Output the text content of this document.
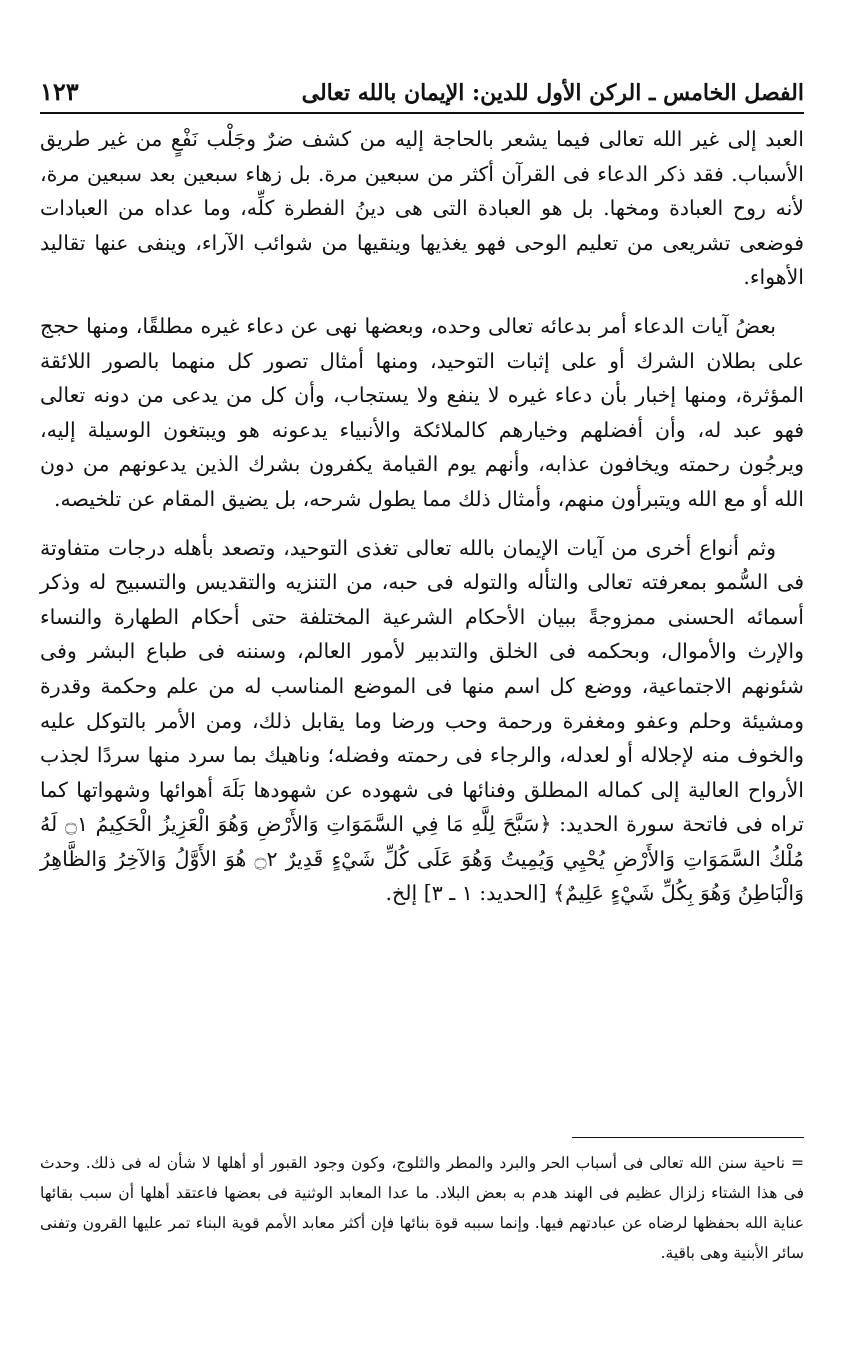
الفصل الخامس ـ الركن الأول للدين: الإيمان بالله تعالى
١٢٣

العبد إلى غير الله تعالى فيما يشعر بالحاجة إليه من كشف ضرٌ وجَلْب نَفْعٍ من غير طريق الأسباب. فقد ذكر الدعاء فى القرآن أكثر من سبعين مرة. بل زهاء سبعين بعد سبعين مرة، لأنه روح العبادة ومخها. بل هو العبادة التى هى دينُ الفطرة كلِّه، وما عداه من العبادات فوضعى تشريعى من تعليم الوحى فهو يغذيها وينقيها من شوائب الآراء، وينفى عنها تقاليد الأهواء.

بعضُ آيات الدعاء أمر بدعائه تعالى وحده، وبعضها نهى عن دعاء غيره مطلقًا، ومنها حجج على بطلان الشرك أو على إثبات التوحيد، ومنها أمثال تصور كل منهما بالصور اللائقة المؤثرة، ومنها إخبار بأن دعاء غيره لا ينفع ولا يستجاب، وأن كل من يدعى من دونه تعالى فهو عبد له، وأن أفضلهم وخيارهم كالملائكة والأنبياء يدعونه هو ويبتغون الوسيلة إليه، ويرجُون رحمته ويخافون عذابه، وأنهم يوم القيامة يكفرون بشرك الذين يدعونهم من دون الله أو مع الله ويتبرأون منهم، وأمثال ذلك مما يطول شرحه، بل يضيق المقام عن تلخيصه.

وثم أنواع أخرى من آيات الإيمان بالله تعالى تغذى التوحيد، وتصعد بأهله درجات متفاوتة فى السُّمو بمعرفته تعالى والتأله والتوله فى حبه، من التنزيه والتقديس والتسبيح له وذكر أسمائه الحسنى ممزوجةً ببيان الأحكام الشرعية المختلفة حتى أحكام الطهارة والنساء والإرث والأموال، وبحكمه فى الخلق والتدبير لأمور العالم، وسننه فى طباع البشر وفى شئونهم الاجتماعية، ووضع كل اسم منها فى الموضع المناسب له من علم وحكمة وقدرة ومشيئة وحلم وعفو ومغفرة ورحمة وحب ورضا وما يقابل ذلك، ومن الأمر بالتوكل عليه والخوف منه لإجلاله أو لعدله، والرجاء فى رحمته وفضله؛ وناهيك بما سرد منها سردًا لجذب الأرواح العالية إلى كماله المطلق وفنائها فى شهوده عن شهودها بَلَهَ أهوائها وشهواتها كما تراه فى فاتحة سورة الحديد: ﴿سَبَّحَ لِلَّهِ مَا فِي السَّمَوَاتِ وَالأَرْضِ وَهُوَ الْعَزِيزُ الْحَكِيمُ ۝١ لَهُ مُلْكُ السَّمَوَاتِ وَالأَرْضِ يُحْيِي وَيُمِيتُ وَهُوَ عَلَى كُلِّ شَيْءٍ قَدِيرٌ ۝٢ هُوَ الأَوَّلُ وَالآخِرُ وَالظَّاهِرُ وَالْبَاطِنُ وَهُوَ بِكُلِّ شَيْءٍ عَلِيمٌ﴾ [الحديد: ١ ـ ٣] إلخ.

= ناحية سنن الله تعالى فى أسباب الحر والبرد والمطر والثلوج، وكون وجود القبور أو أهلها لا شأن له فى ذلك. وحدث فى هذا الشتاء زلزال عظيم فى الهند هدم به بعض البلاد. ما عدا المعابد الوثنية فى بعضها فاعتقد أهلها أن سبب بقائها عناية الله بحفظها لرضاه عن عبادتهم فيها. وإنما سببه قوة بنائها فإن أكثر معابد الأمم قوية البناء تمر عليها القرون وتفنى سائر الأبنية وهى باقية.
